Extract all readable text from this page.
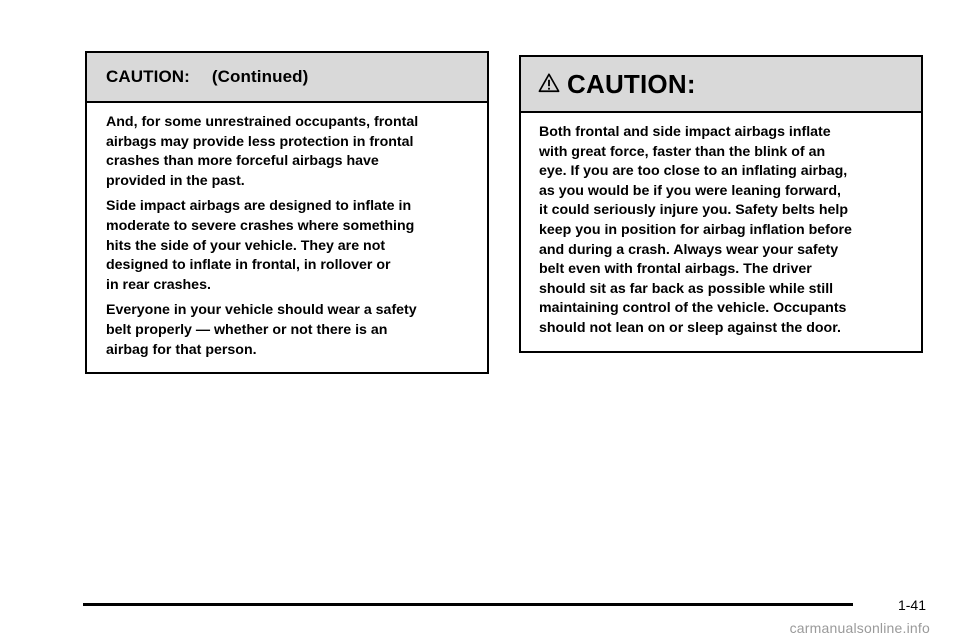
CAUTION: (Continued)

And, for some unrestrained occupants, frontal
airbags may provide less protection in frontal
crashes than more forceful airbags have
provided in the past.

Side impact airbags are designed to inflate in
moderate to severe crashes where something
hits the side of your vehicle. They are not
designed to inflate in frontal, in rollover or
in rear crashes.

Everyone in your vehicle should wear a safety
belt properly — whether or not there is an
airbag for that person.

CAUTION:

Both frontal and side impact airbags inflate
with great force, faster than the blink of an
eye. If you are too close to an inflating airbag,
as you would be if you were leaning forward,
it could seriously injure you. Safety belts help
keep you in position for airbag inflation before
and during a crash. Always wear your safety
belt even with frontal airbags. The driver
should sit as far back as possible while still
maintaining control of the vehicle. Occupants
should not lean on or sleep against the door.

1-41
carmanualsonline.info
